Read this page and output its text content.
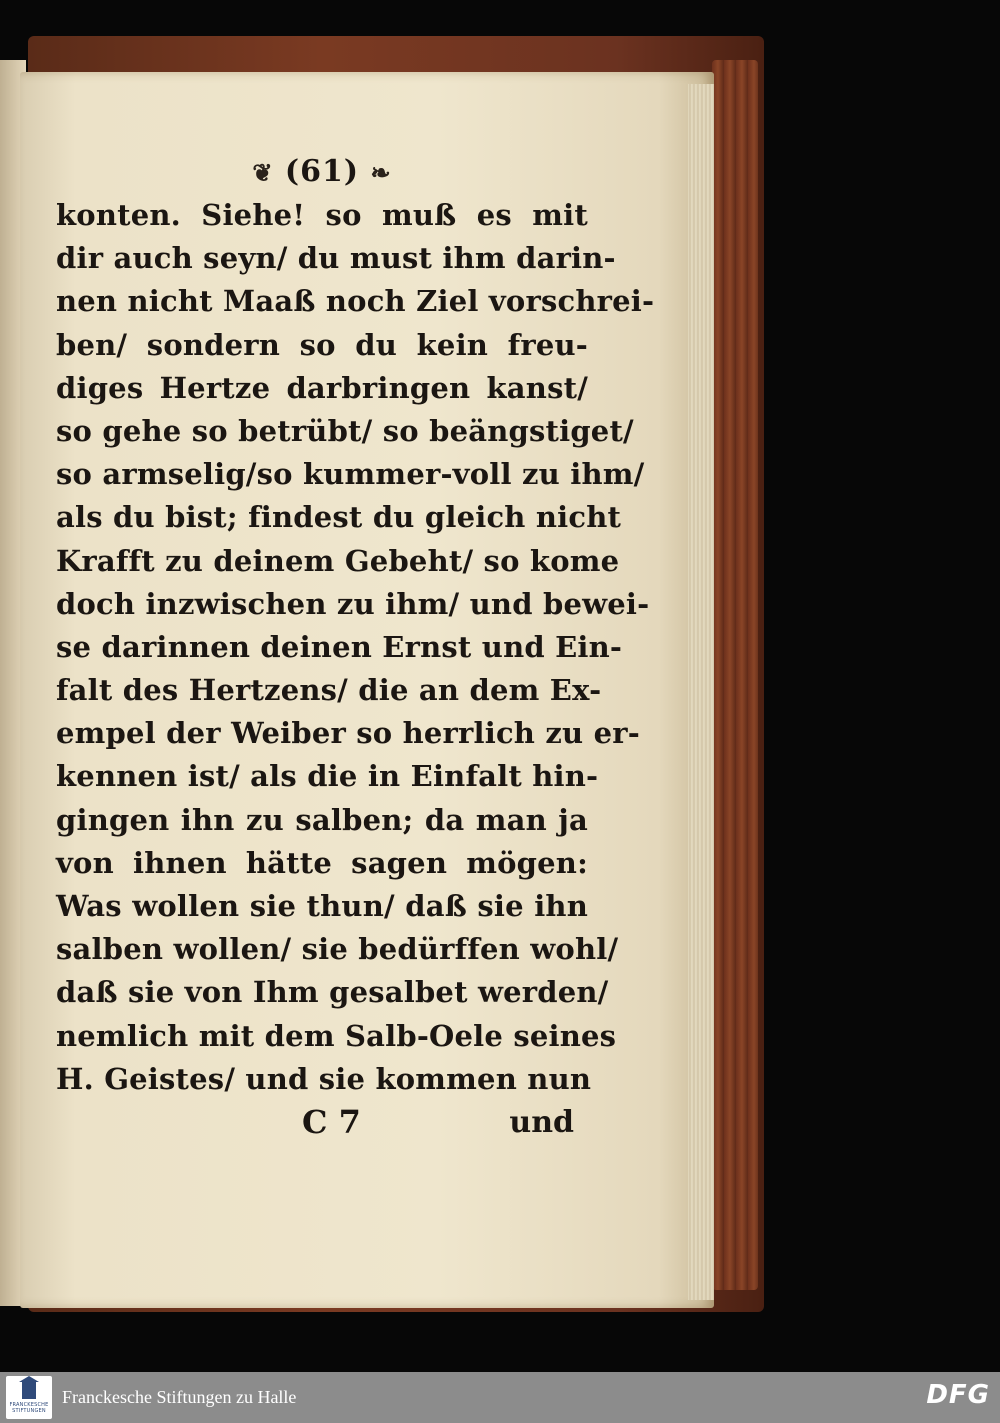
❦ (61) ❧
konten. Siehe! so muß es mit
dir auch seyn/ du must ihm darin-
nen nicht Maaß noch Ziel vorschrei-
ben/ sondern so du kein freu-
diges Hertze darbringen kanst/
so gehe so betrübt/ so beängstiget/
so armselig/so kummer-voll zu ihm/
als du bist; findest du gleich nicht
Krafft zu deinem Gebeht/ so kome
doch inzwischen zu ihm/ und bewei-
se darinnen deinen Ernst und Ein-
falt des Hertzens/ die an dem Ex-
empel der Weiber so herrlich zu er-
kennen ist/ als die in Einfalt hin-
gingen ihn zu salben; da man ja
von ihnen hätte sagen mögen:
Was wollen sie thun/ daß sie ihn
salben wollen/ sie bedürffen wohl/
daß sie von Ihm gesalbet werden/
nemlich mit dem Salb-Oele seines
H. Geistes/ und sie kommen nun
C 7	und
FRANCKESCHE STIFTUNGEN
Franckesche Stiftungen zu Halle	DFG
